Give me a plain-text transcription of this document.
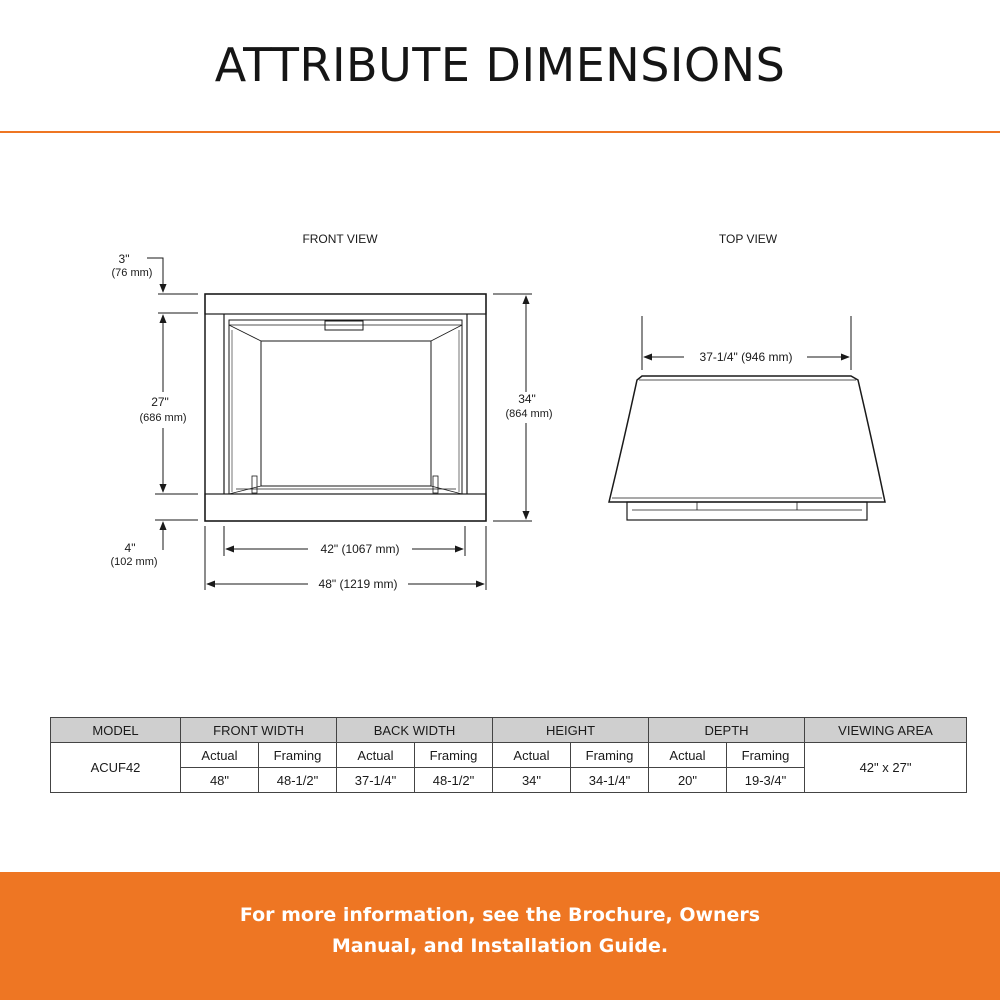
ATTRIBUTE DIMENSIONS
FRONT VIEW
3"
(76 mm)
27"
(686 mm)
34"
(864 mm)
4"
(102 mm)
42" (1067 mm)
48" (1219 mm)
TOP VIEW
37-1/4" (946 mm)
MODEL	FRONT WIDTH		BACK WIDTH		HEIGHT		DEPTH		VIEWING AREA
ACUF42	Actual	Framing	Actual	Framing	Actual	Framing	Actual	Framing	42" x 27"
	48"	48-1/2"	37-1/4"	48-1/2"	34"	34-1/4"	20"	19-3/4"	
For more information, see the Brochure, Owners Manual, and Installation Guide.
